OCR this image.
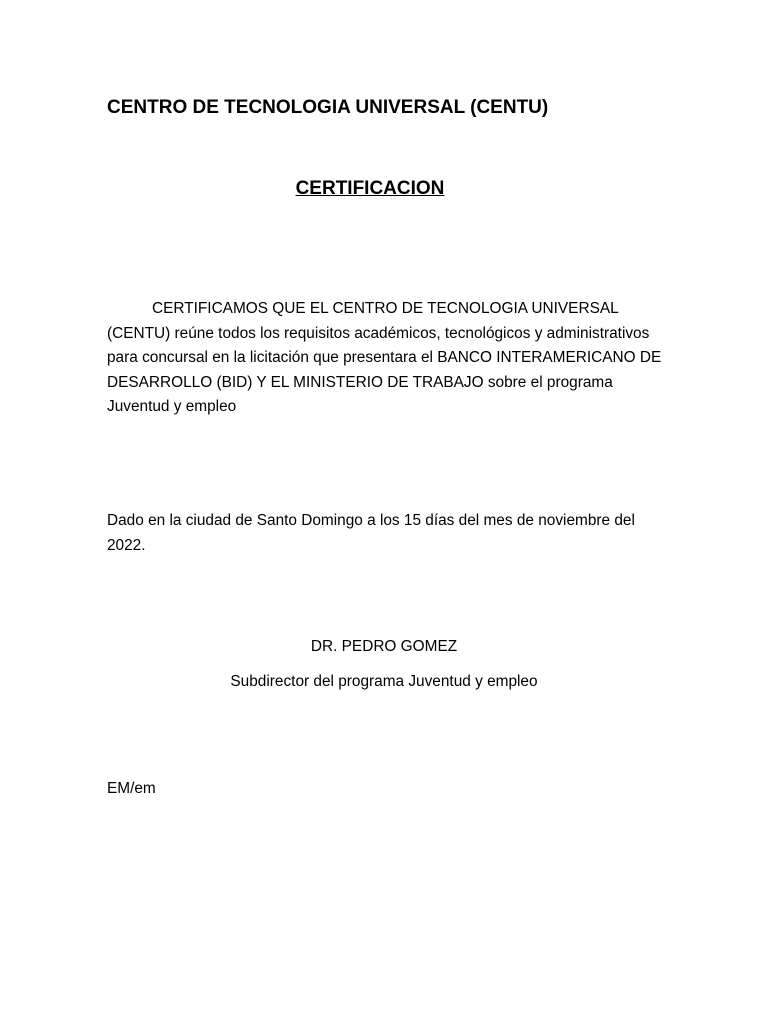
CENTRO DE TECNOLOGIA UNIVERSAL (CENTU)
CERTIFICACION
CERTIFICAMOS QUE EL CENTRO DE TECNOLOGIA UNIVERSAL (CENTU) reúne todos los requisitos académicos, tecnológicos y administrativos para concursal en la licitación que presentara el BANCO INTERAMERICANO DE DESARROLLO (BID) Y EL MINISTERIO DE TRABAJO sobre el programa Juventud y empleo
Dado en la ciudad de Santo Domingo a los 15 días del mes de noviembre del 2022.
DR. PEDRO GOMEZ
Subdirector del programa Juventud y empleo
EM/em
